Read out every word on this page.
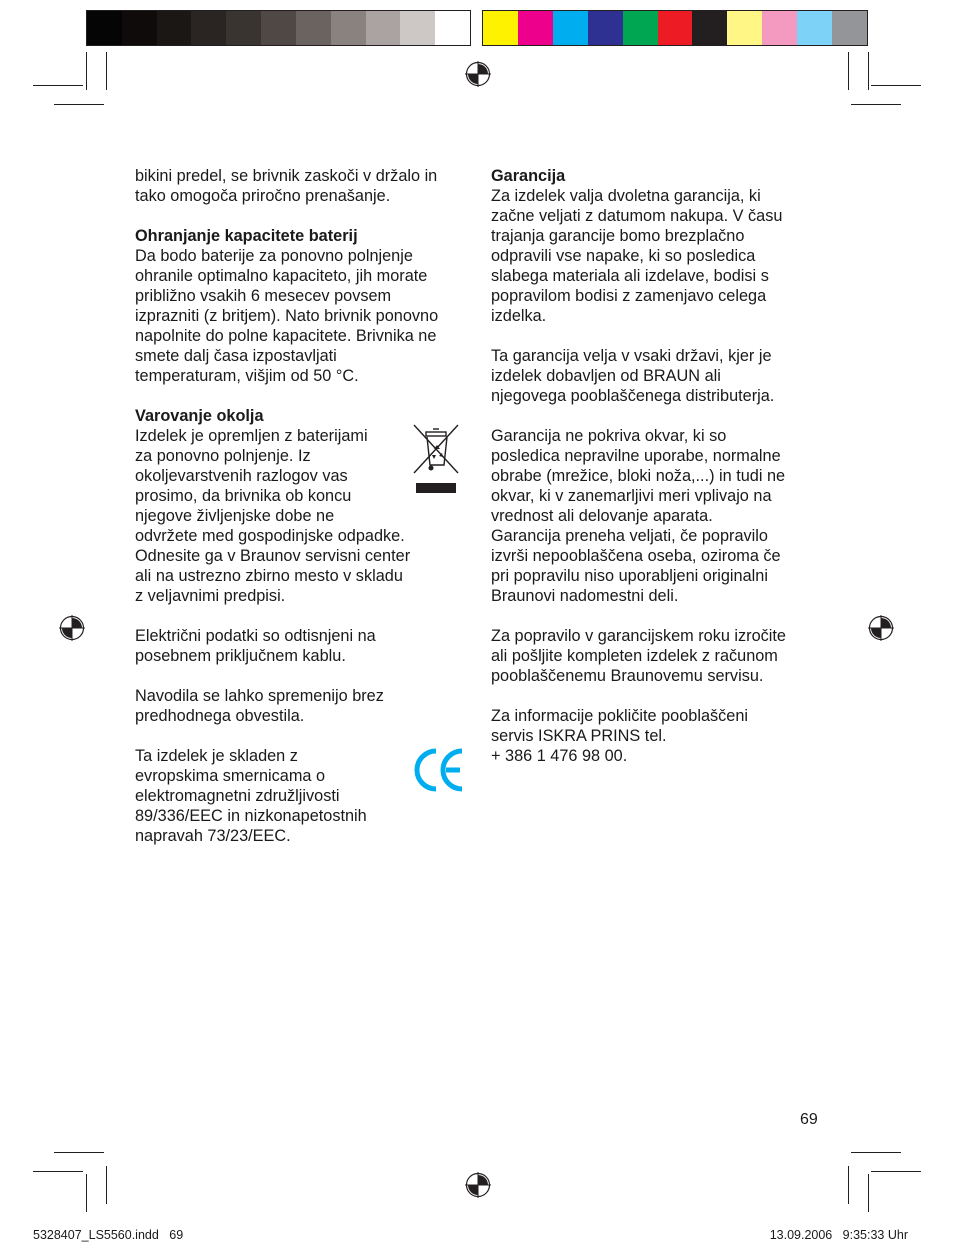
bikini predel, se brivnik zaskoči v držalo in
tako omogoča priročno prenašanje.

Ohranjanje kapacitete baterij

Da bodo baterije za ponovno polnjenje
ohranile optimalno kapaciteto, jih morate
približno vsakih 6 mesecev povsem
izprazniti (z britjem). Nato brivnik ponovno
napolnite do polne kapacitete. Brivnika ne
smete dalj časa izpostavljati
temperaturam, višjim od 50 °C.

Varovanje okolja

Izdelek je opremljen z baterijami
za ponovno polnjenje. Iz
okoljevarstvenih razlogov vas
prosimo, da brivnika ob koncu
njegove življenjske dobe ne
odvržete med gospodinjske odpadke.
Odnesite ga v Braunov servisni center
ali na ustrezno zbirno mesto v skladu
z veljavnimi predpisi.

Električni podatki so odtisnjeni na
posebnem priključnem kablu.

Navodila se lahko spremenijo brez
predhodnega obvestila.

Ta izdelek je skladen z
evropskima smernicama o
elektromagnetni združljivosti
89/336/EEC in nizkonapetostnih
napravah 73/23/EEC.

Garancija

Za izdelek valja dvoletna garancija, ki
začne veljati z datumom nakupa. V času
trajanja garancije bomo brezplačno
odpravili vse napake, ki so posledica
slabega materiala ali izdelave, bodisi s
popravilom bodisi z zamenjavo celega
izdelka.

Ta garancija velja v vsaki državi, kjer je
izdelek dobavljen od BRAUN ali
njegovega pooblaščenega distributerja.

Garancija ne pokriva okvar, ki so
posledica nepravilne uporabe, normalne
obrabe (mrežice, bloki noža,...) in tudi ne
okvar, ki v zanemarljivi meri vplivajo na
vrednost ali delovanje aparata.
Garancija preneha veljati, če popravilo
izvrši nepooblaščena oseba, oziroma če
pri popravilu niso uporabljeni originalni
Braunovi nadomestni deli.

Za popravilo v garancijskem roku izročite
ali pošljite kompleten izdelek z računom
pooblaščenemu Braunovemu servisu.

Za informacije pokličite pooblaščeni
servis ISKRA PRINS tel.
+ 386 1 476 98 00.

69
5328407_LS5560.indd   69	13.09.2006   9:35:33 Uhr
